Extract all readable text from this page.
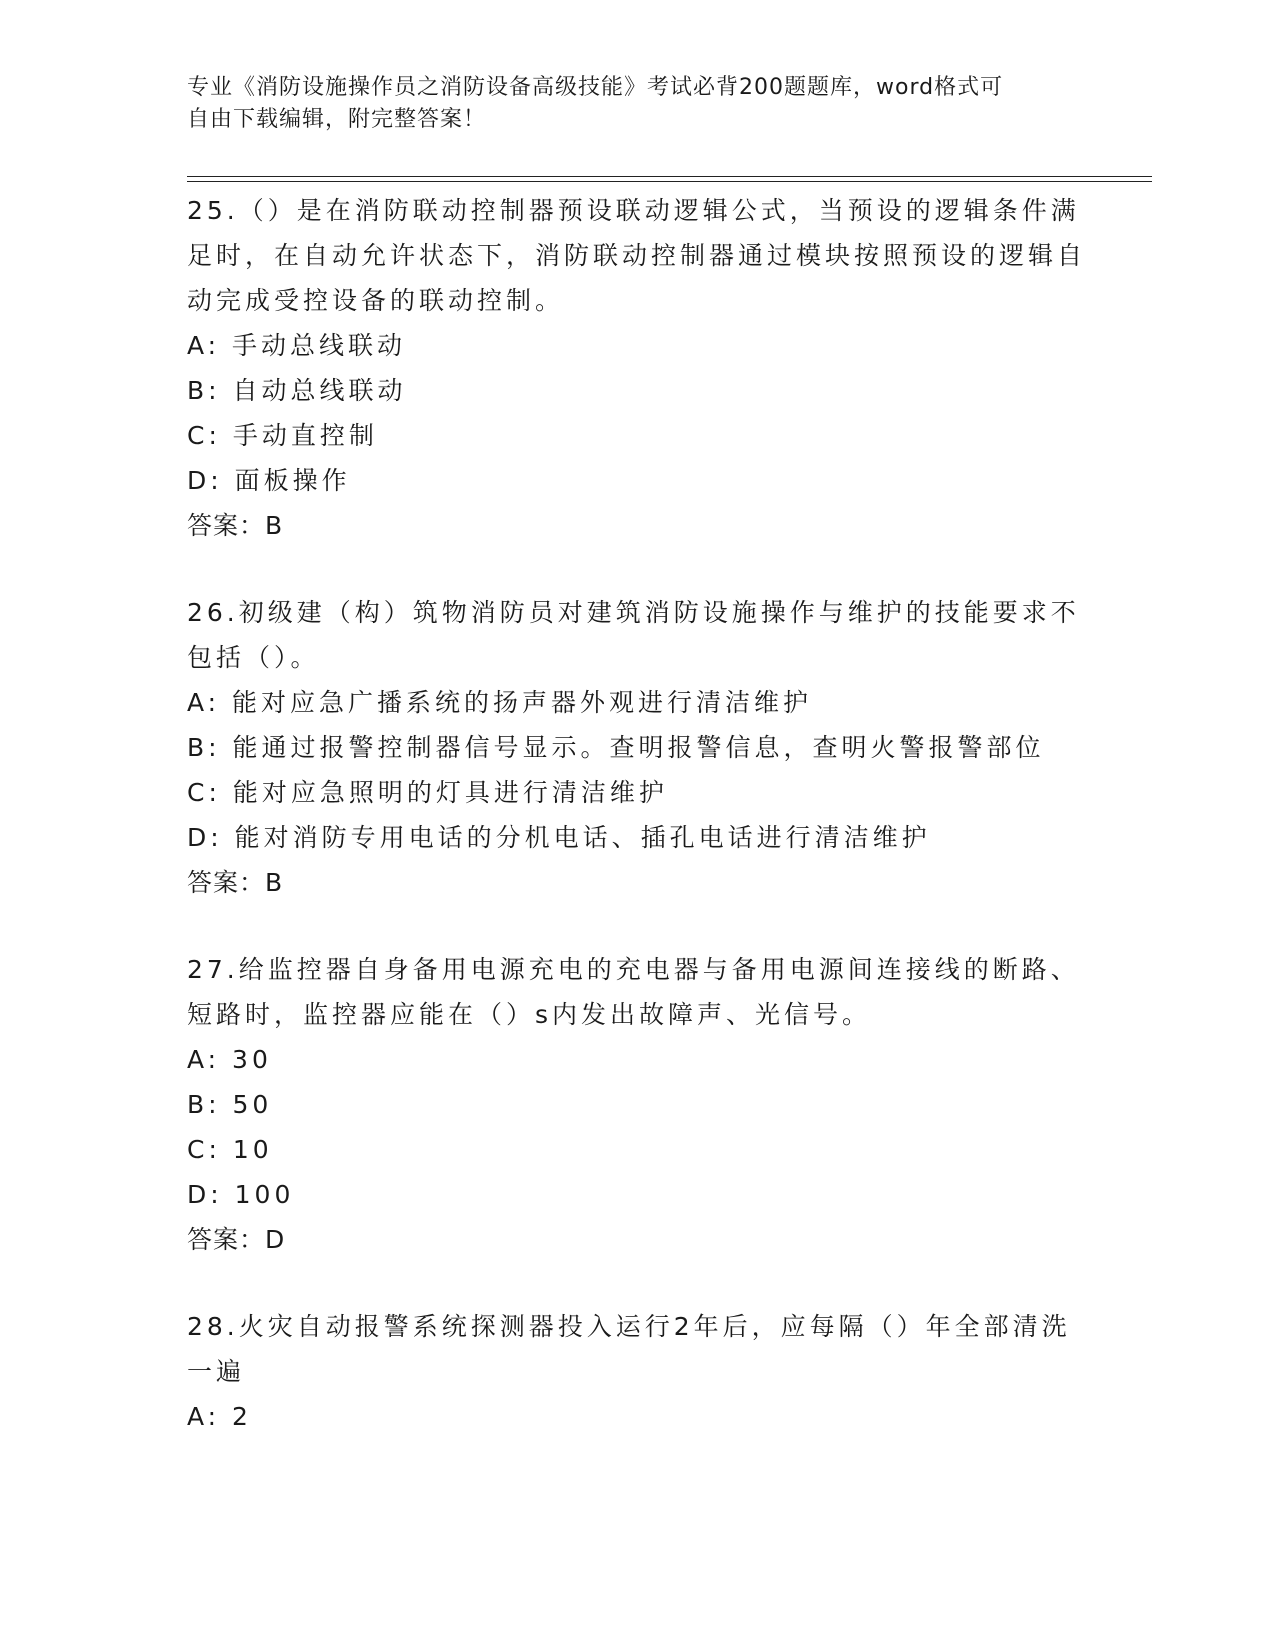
专业《消防设施操作员之消防设备高级技能》考试必背200题题库，word格式可
自由下载编辑，附完整答案！
25.（）是在消防联动控制器预设联动逻辑公式，当预设的逻辑条件满足时，在自动允许状态下，消防联动控制器通过模块按照预设的逻辑自动完成受控设备的联动控制。
A: 手动总线联动
B: 自动总线联动
C: 手动直控制
D: 面板操作
答案：B
26.初级建（构）筑物消防员对建筑消防设施操作与维护的技能要求不包括（）。
A: 能对应急广播系统的扬声器外观进行清洁维护
B: 能通过报警控制器信号显示。查明报警信息，查明火警报警部位
C: 能对应急照明的灯具进行清洁维护
D: 能对消防专用电话的分机电话、插孔电话进行清洁维护
答案：B
27.给监控器自身备用电源充电的充电器与备用电源间连接线的断路、短路时，监控器应能在（）s内发出故障声、光信号。
A: 30
B: 50
C: 10
D: 100
答案：D
28.火灾自动报警系统探测器投入运行2年后，应每隔（）年全部清洗一遍
A: 2
